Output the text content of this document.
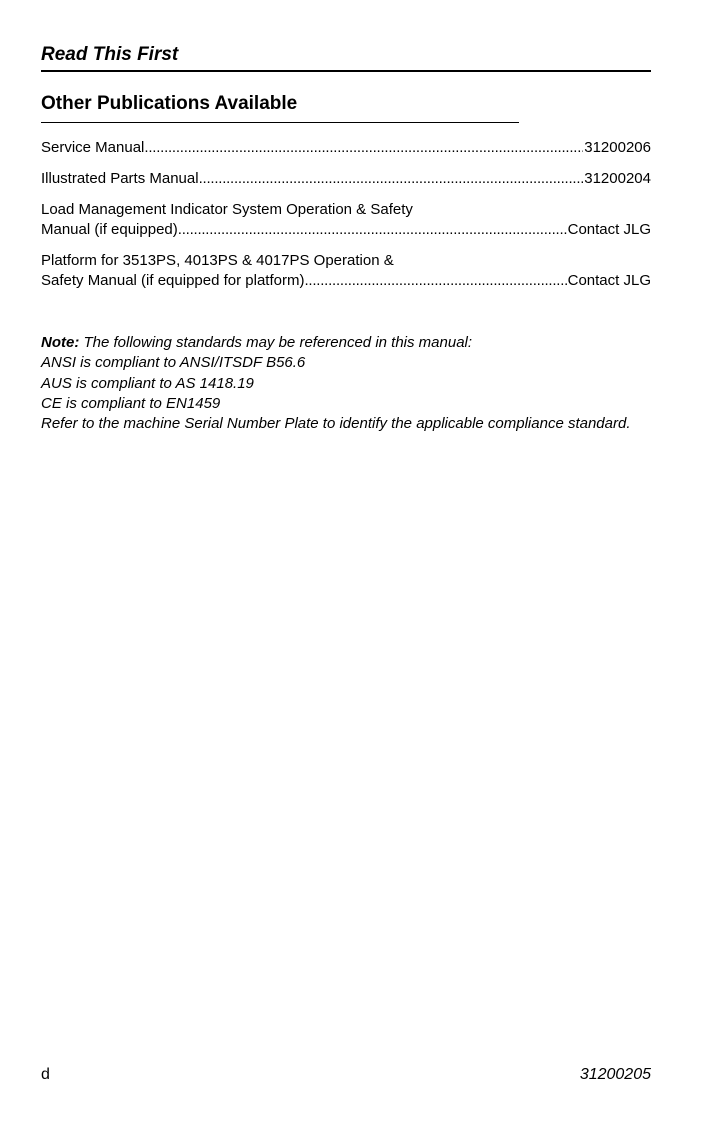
Read This First
Other Publications Available
Service Manual . . .	31200206
Illustrated Parts Manual . . .	31200204
Load Management Indicator System Operation & Safety
Manual (if equipped) . . .	Contact JLG
Platform for 3513PS, 4013PS & 4017PS Operation &
Safety Manual (if equipped for platform) . . .	Contact JLG
Note: The following standards may be referenced in this manual:
ANSI is compliant to ANSI/ITSDF B56.6
AUS is compliant to AS 1418.19
CE is compliant to EN1459
Refer to the machine Serial Number Plate to identify the applicable compliance standard.
d	31200205
